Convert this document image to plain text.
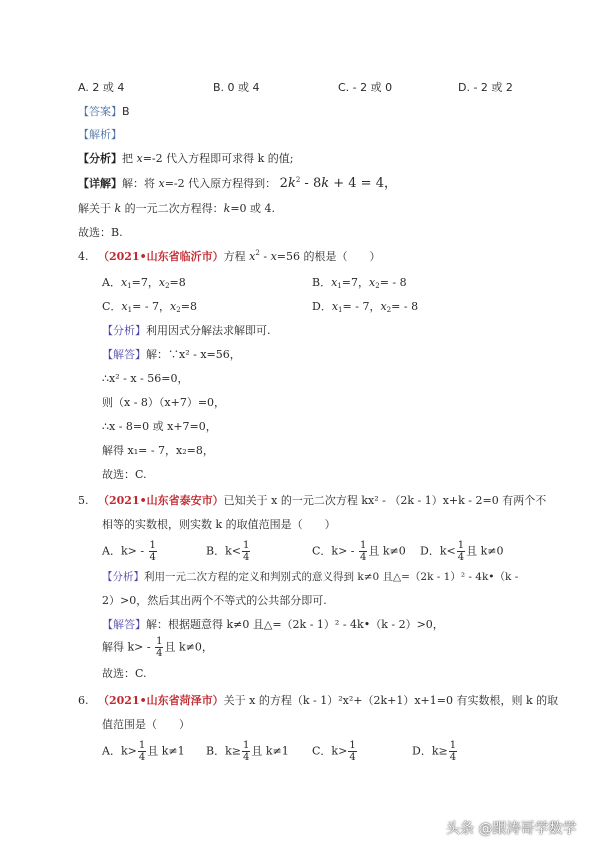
A. 2 或 4	B. 0 或 4	C. ‑ 2 或 0	D. ‑ 2 或 2
【答案】B
【解析】
【分析】把 x=-2 代入方程即可求得 k 的值;
【详解】解：将 x=-2 代入原方程得到： $2k^2 - 8k + 4 = 4$，
解关于 k 的一元二次方程得：k=0 或 4.
故选：B.
4. （2021•山东省临沂市）方程 $x^2 - x=56$ 的根是（　　）
A．$x_1=7$，$x_2=8$	B．$x_1=7$，$x_2= - 8$
C．$x_1= - 7$，$x_2=8$	D．$x_1= - 7$，$x_2= - 8$
【分析】利用因式分解法求解即可.
【解答】解：∵x² - x=56，
∴x² - x - 56=0，
则（x - 8）（x+7）=0，
∴x - 8=0 或 x+7=0，
解得 x₁= - 7，x₂=8，
故选：C.
5. （2021•山东省泰安市）已知关于 x 的一元二次方程 kx² - （2k - 1）x+k - 2=0 有两个不
相等的实数根，则实数 k 的取值范围是（　　）
A．$k> - \frac{1}{4}$	B．$k< \frac{1}{4}$	C．$k> - \frac{1}{4}$ 且 k≠0 D．$k< \frac{1}{4}$ 且 k≠0
【分析】利用一元二次方程的定义和判别式的意义得到 k≠0 且△=（2k - 1）² - 4k•（k -
2）>0，然后其出两个不等式的公共部分即可.
【解答】解：根据题意得 k≠0 且△=（2k - 1）² - 4k•（k - 2）>0，
解得 $k> - \frac{1}{4}$ 且 k≠0，
故选：C.
6. （2021•山东省菏泽市）关于 x 的方程（k - 1）²x²+（2k+1）x+1=0 有实数根，则 k 的取
值范围是（　　）
A．$k> \frac{1}{4}$ 且 k≠1 B．$k\ge \frac{1}{4}$ 且 k≠1 C．$k> \frac{1}{4}$	D．$k\ge \frac{1}{4}$
头条 @跟涛哥学数学
